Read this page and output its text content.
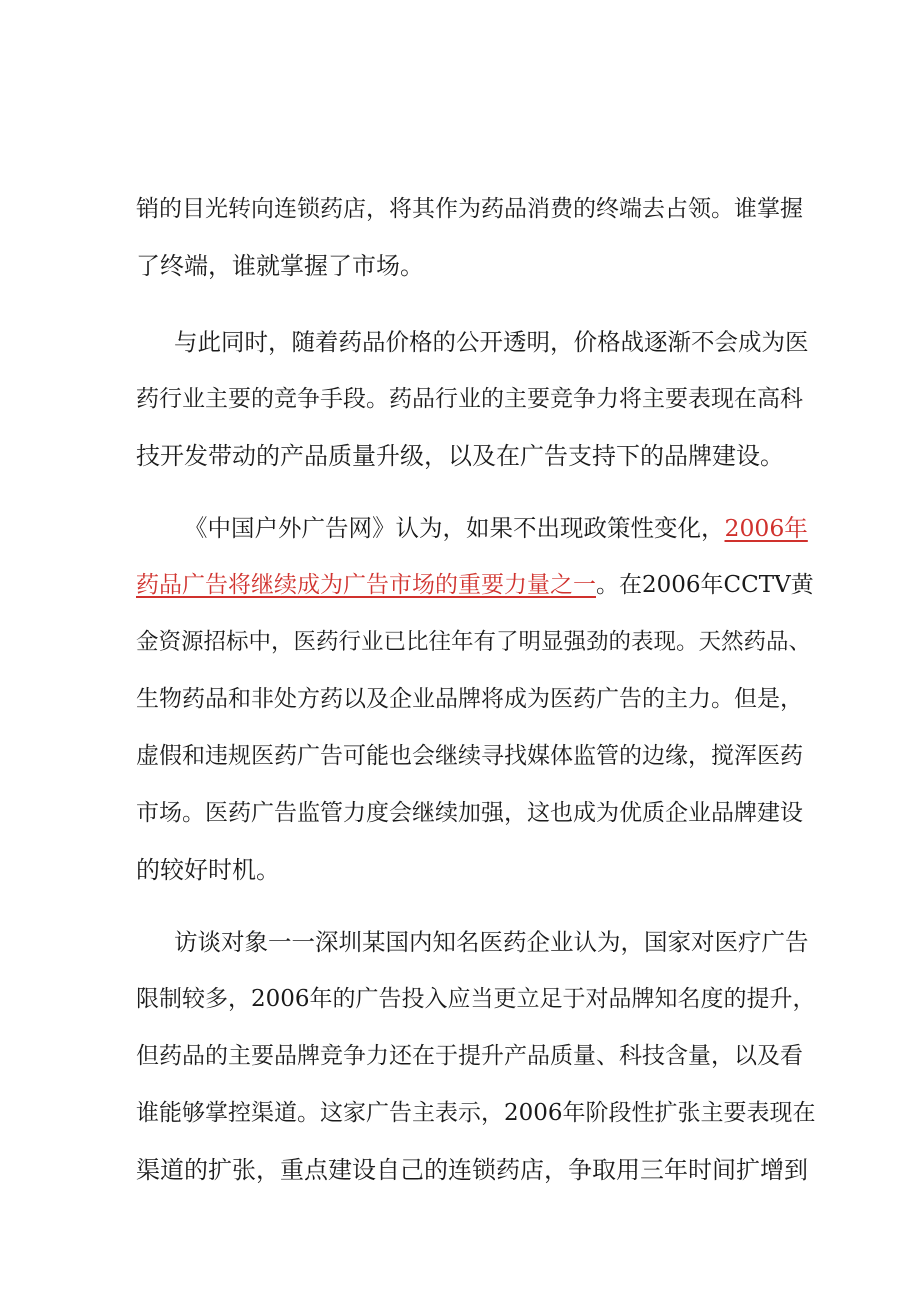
销的目光转向连锁药店，将其作为药品消费的终端去占领。谁掌握
了终端，谁就掌握了市场。
与此同时，随着药品价格的公开透明，价格战逐渐不会成为医
药行业主要的竞争手段。药品行业的主要竞争力将主要表现在高科
技开发带动的产品质量升级，以及在广告支持下的品牌建设。
《中国户外广告网》认为，如果不出现政策性变化，2006年
药品广告将继续成为广告市场的重要力量之一。在2006年CCTV黄
金资源招标中，医药行业已比往年有了明显强劲的表现。天然药品、
生物药品和非处方药以及企业品牌将成为医药广告的主力。但是，
虚假和违规医药广告可能也会继续寻找媒体监管的边缘，搅浑医药
市场。医药广告监管力度会继续加强，这也成为优质企业品牌建设
的较好时机。
访谈对象一一深圳某国内知名医药企业认为，国家对医疗广告
限制较多，2006年的广告投入应当更立足于对品牌知名度的提升，
但药品的主要品牌竞争力还在于提升产品质量、科技含量，以及看
谁能够掌控渠道。这家广告主表示，2006年阶段性扩张主要表现在
渠道的扩张，重点建设自己的连锁药店，争取用三年时间扩增到
